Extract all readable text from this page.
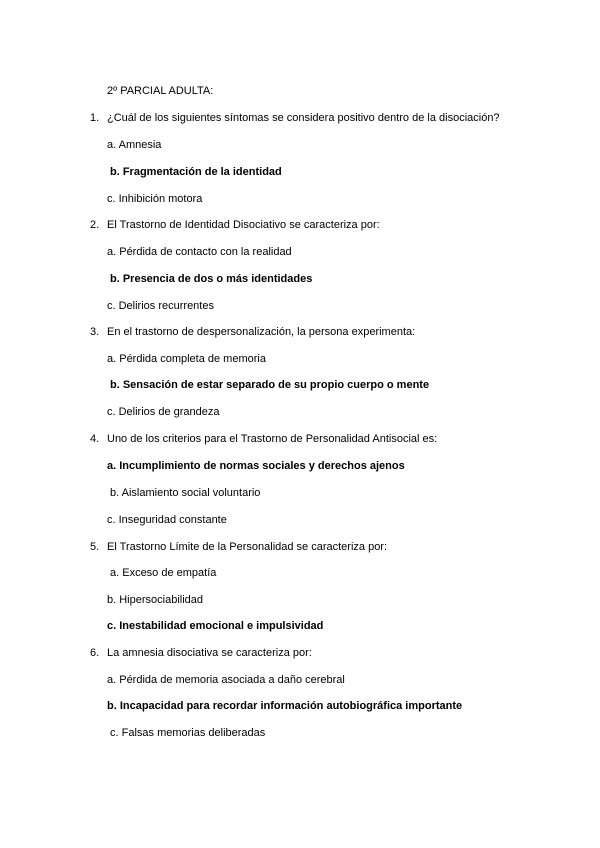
2º PARCIAL ADULTA:
1. ¿Cuál de los siguientes síntomas se considera positivo dentro de la disociación?
a. Amnesia
b. Fragmentación de la identidad
c. Inhibición motora
2. El Trastorno de Identidad Disociativo se caracteriza por:
a. Pérdida de contacto con la realidad
b. Presencia de dos o más identidades
c. Delirios recurrentes
3. En el trastorno de despersonalización, la persona experimenta:
a. Pérdida completa de memoria
b. Sensación de estar separado de su propio cuerpo o mente
c. Delirios de grandeza
4. Uno de los criterios para el Trastorno de Personalidad Antisocial es:
a. Incumplimiento de normas sociales y derechos ajenos
b. Aislamiento social voluntario
c. Inseguridad constante
5. El Trastorno Límite de la Personalidad se caracteriza por:
a. Exceso de empatía
b. Hipersociabilidad
c. Inestabilidad emocional e impulsividad
6. La amnesia disociativa se caracteriza por:
a. Pérdida de memoria asociada a daño cerebral
b. Incapacidad para recordar información autobiográfica importante
c. Falsas memorias deliberadas
